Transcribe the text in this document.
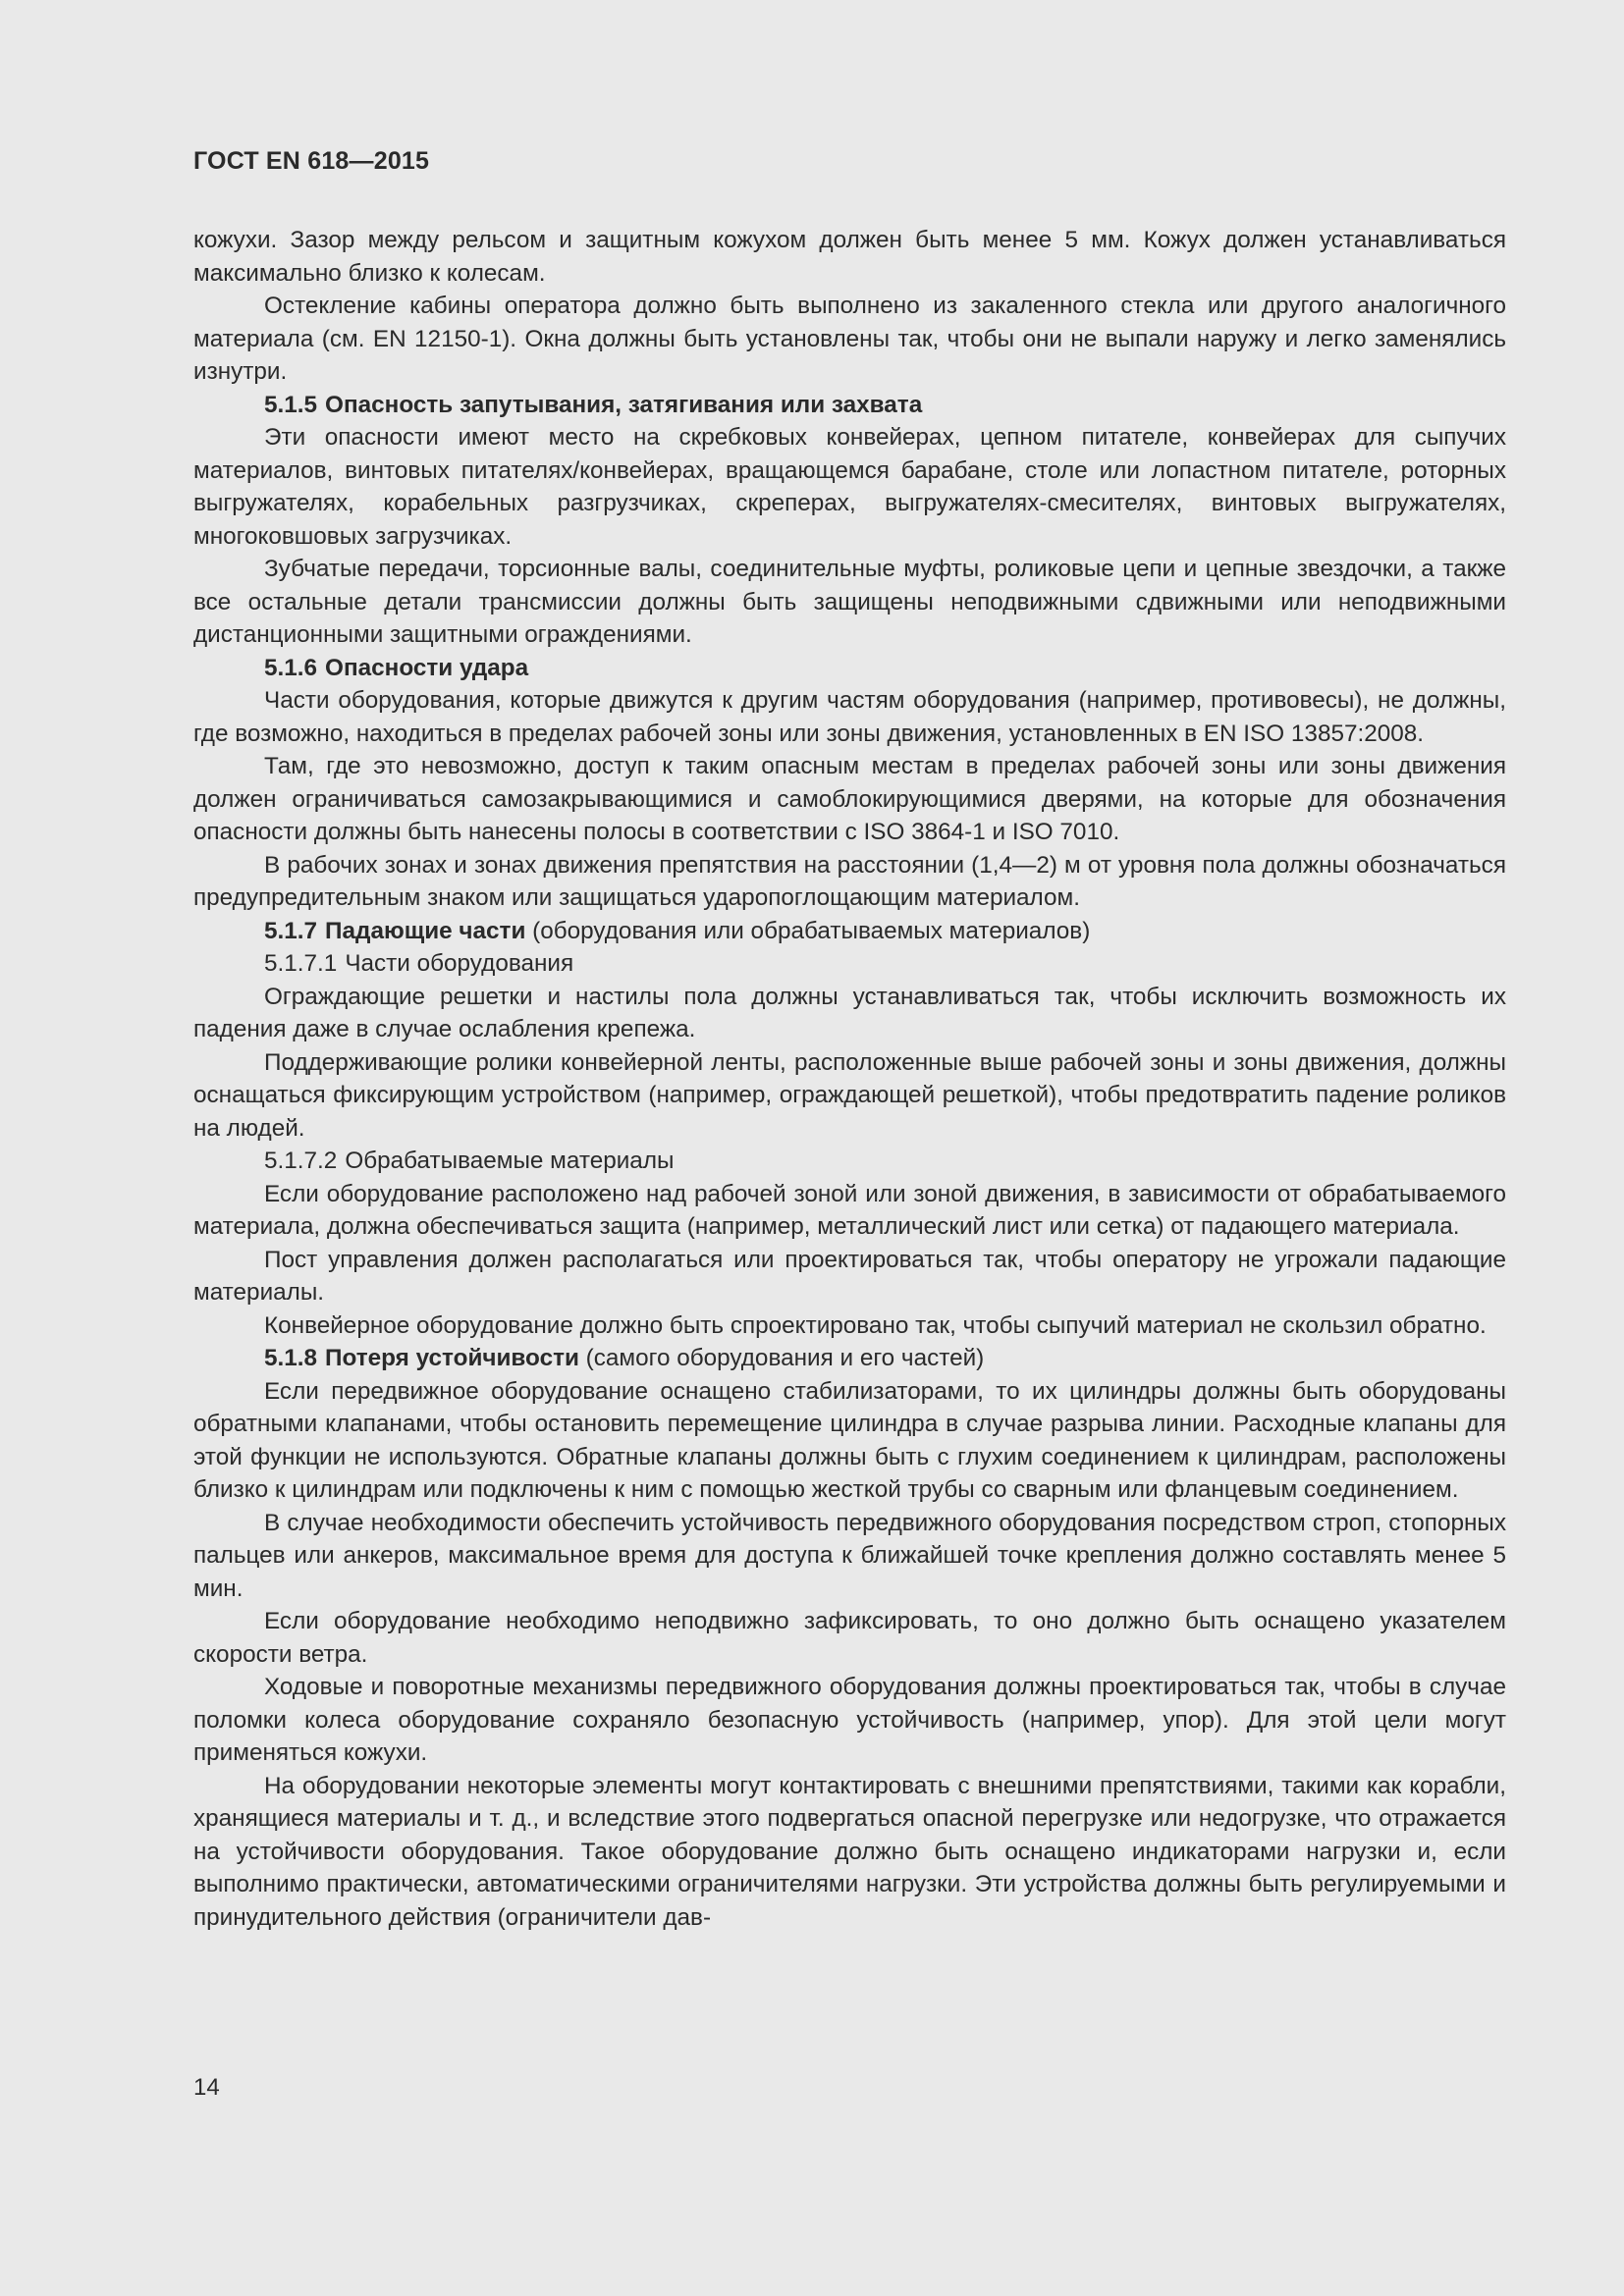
ГОСТ EN 618—2015

кожухи. Зазор между рельсом и защитным кожухом должен быть менее 5 мм. Кожух должен устанавливаться максимально близко к колесам.

Остекление кабины оператора должно быть выполнено из закаленного стекла или другого аналогичного материала (см. EN 12150-1). Окна должны быть установлены так, чтобы они не выпали наружу и легко заменялись изнутри.

5.1.5 Опасность запутывания, затягивания или захвата

Эти опасности имеют место на скребковых конвейерах, цепном питателе, конвейерах для сыпучих материалов, винтовых питателях/конвейерах, вращающемся барабане, столе или лопастном питателе, роторных выгружателях, корабельных разгрузчиках, скреперах, выгружателях-смесителях, винтовых выгружателях, многоковшовых загрузчиках.

Зубчатые передачи, торсионные валы, соединительные муфты, роликовые цепи и цепные звездочки, а также все остальные детали трансмиссии должны быть защищены неподвижными сдвижными или неподвижными дистанционными защитными ограждениями.

5.1.6 Опасности удара

Части оборудования, которые движутся к другим частям оборудования (например, противовесы), не должны, где возможно, находиться в пределах рабочей зоны или зоны движения, установленных в EN ISO 13857:2008.

Там, где это невозможно, доступ к таким опасным местам в пределах рабочей зоны или зоны движения должен ограничиваться самозакрывающимися и самоблокирующимися дверями, на которые для обозначения опасности должны быть нанесены полосы в соответствии с ISO 3864-1 и ISO 7010.

В рабочих зонах и зонах движения препятствия на расстоянии (1,4—2) м от уровня пола должны обозначаться предупредительным знаком или защищаться ударопоглощающим материалом.

5.1.7 Падающие части (оборудования или обрабатываемых материалов)

5.1.7.1 Части оборудования

Ограждающие решетки и настилы пола должны устанавливаться так, чтобы исключить возможность их падения даже в случае ослабления крепежа.

Поддерживающие ролики конвейерной ленты, расположенные выше рабочей зоны и зоны движения, должны оснащаться фиксирующим устройством (например, ограждающей решеткой), чтобы предотвратить падение роликов на людей.

5.1.7.2 Обрабатываемые материалы

Если оборудование расположено над рабочей зоной или зоной движения, в зависимости от обрабатываемого материала, должна обеспечиваться защита (например, металлический лист или сетка) от падающего материала.

Пост управления должен располагаться или проектироваться так, чтобы оператору не угрожали падающие материалы.

Конвейерное оборудование должно быть спроектировано так, чтобы сыпучий материал не скользил обратно.

5.1.8 Потеря устойчивости (самого оборудования и его частей)

Если передвижное оборудование оснащено стабилизаторами, то их цилиндры должны быть оборудованы обратными клапанами, чтобы остановить перемещение цилиндра в случае разрыва линии. Расходные клапаны для этой функции не используются. Обратные клапаны должны быть с глухим соединением к цилиндрам, расположены близко к цилиндрам или подключены к ним с помощью жесткой трубы со сварным или фланцевым соединением.

В случае необходимости обеспечить устойчивость передвижного оборудования посредством строп, стопорных пальцев или анкеров, максимальное время для доступа к ближайшей точке крепления должно составлять менее 5 мин.

Если оборудование необходимо неподвижно зафиксировать, то оно должно быть оснащено указателем скорости ветра.

Ходовые и поворотные механизмы передвижного оборудования должны проектироваться так, чтобы в случае поломки колеса оборудование сохраняло безопасную устойчивость (например, упор). Для этой цели могут применяться кожухи.

На оборудовании некоторые элементы могут контактировать с внешними препятствиями, такими как корабли, хранящиеся материалы и т. д., и вследствие этого подвергаться опасной перегрузке или недогрузке, что отражается на устойчивости оборудования. Такое оборудование должно быть оснащено индикаторами нагрузки и, если выполнимо практически, автоматическими ограничителями нагрузки. Эти устройства должны быть регулируемыми и принудительного действия (ограничители дав-

14
